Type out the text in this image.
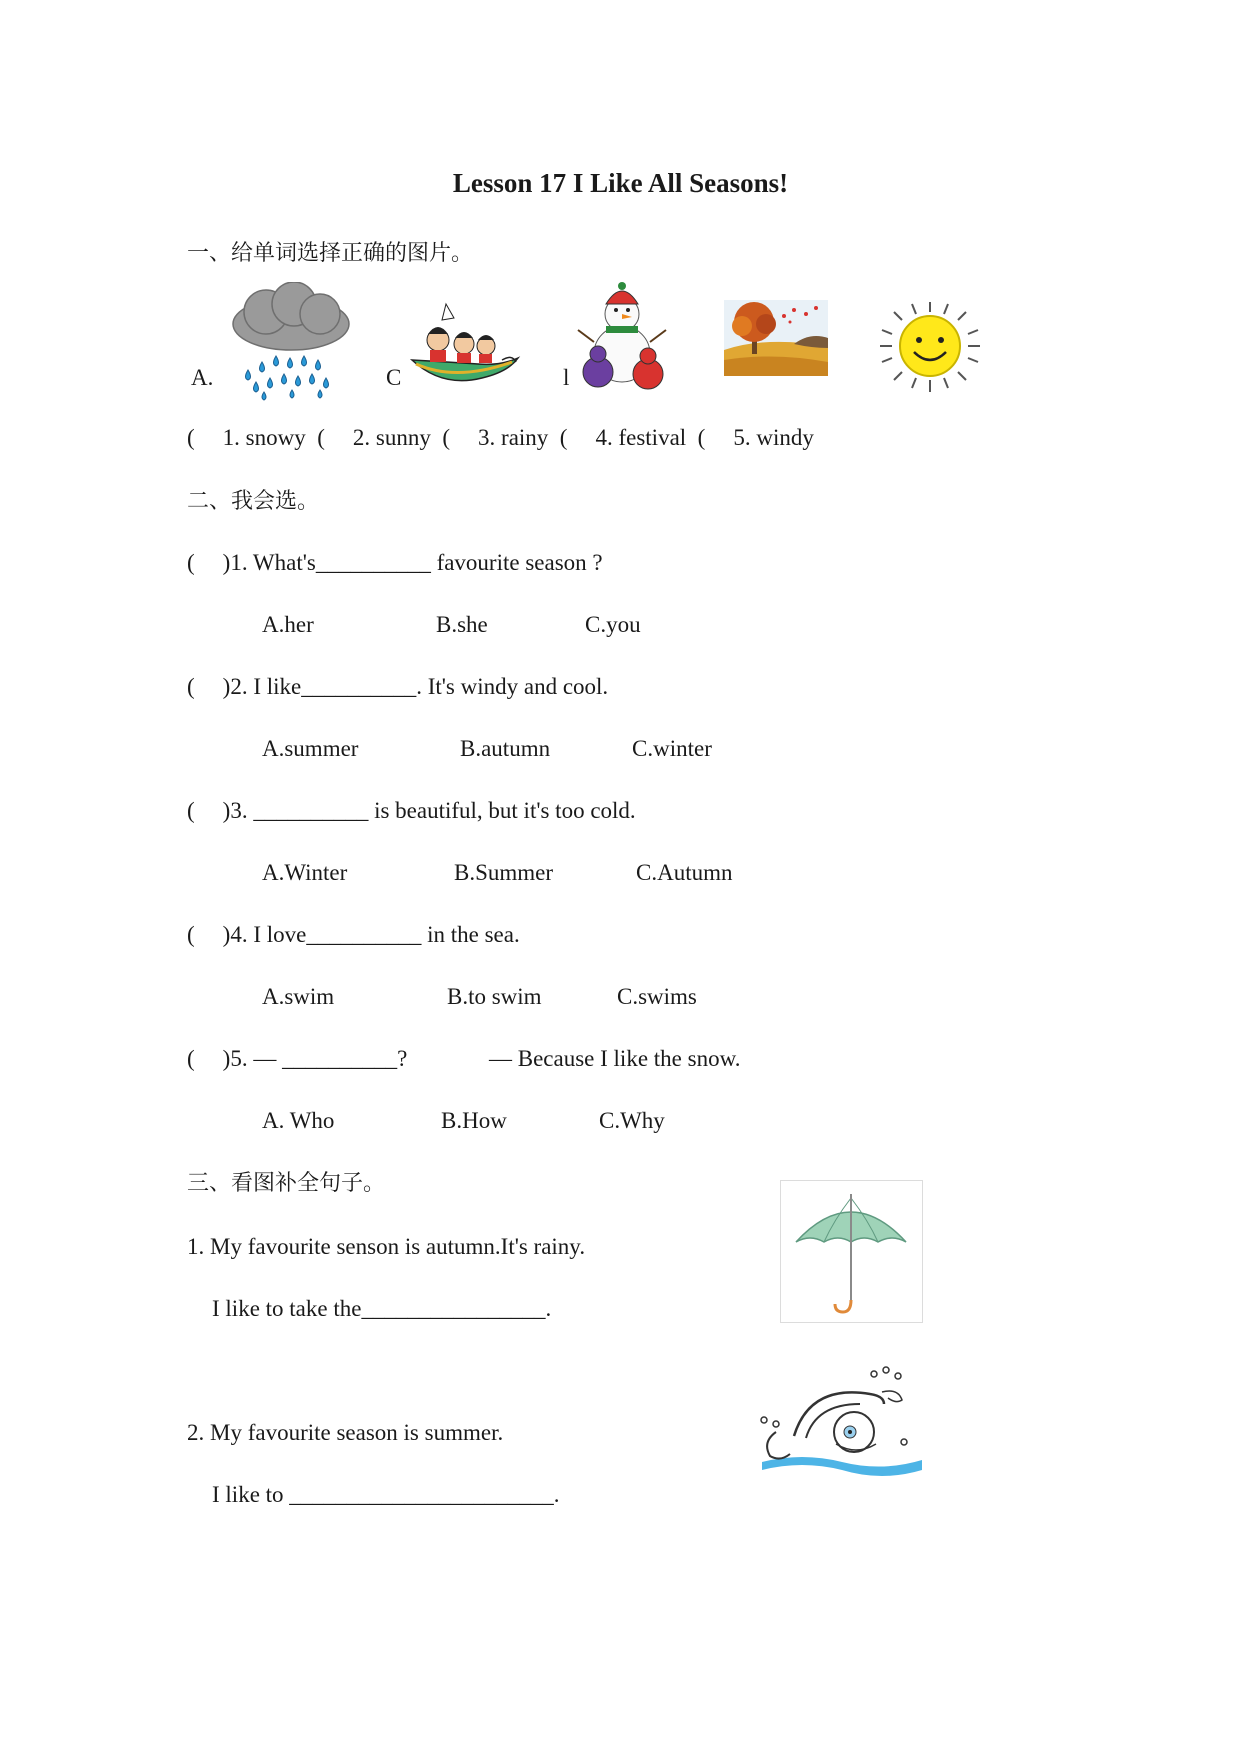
Lesson 17 I Like All Seasons!
一、给单词选择正确的图片。
A.	C	l
( 1. snowy  ( 2. sunny  ( 3. rainy  ( 4. festival  ( 5. windy
二、我会选。
( )1. What's__________ favourite season ?
A.her	B.she	C.you
( )2. I like__________. It's windy and cool.
A.summer	B.autumn	C.winter
( )3. __________ is beautiful, but it's too cold.
A.Winter	B.Summer	C.Autumn
( )4. I love__________ in the sea.
A.swim	B.to swim	C.swims
( )5. — __________?	— Because I like the snow.
A. Who	B.How	C.Why
三、看图补全句子。
1. My favourite senson is autumn.It's rainy.
I like to take the________________.
2. My favourite season is summer.
I like to _______________________.
